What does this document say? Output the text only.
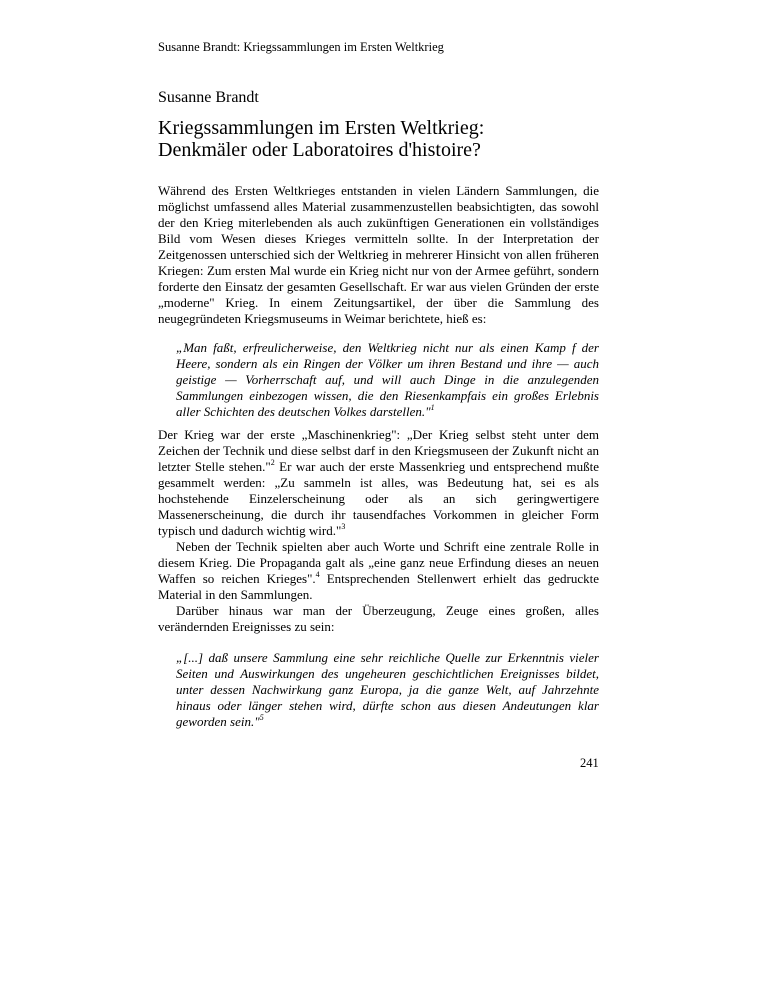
Susanne Brandt: Kriegssammlungen im Ersten Weltkrieg
Susanne Brandt
Kriegssammlungen im Ersten Weltkrieg:
Denkmäler oder Laboratoires d'histoire?
Während des Ersten Weltkrieges entstanden in vielen Ländern Sammlungen, die
möglichst umfassend alles Material zusammenzustellen beabsichtigten, das sowohl
der den Krieg miterlebenden als auch zukünftigen Generationen ein vollständiges
Bild vom Wesen dieses Krieges vermitteln sollte. In der Interpretation der
Zeitgenossen unterschied sich der Weltkrieg in mehrerer Hinsicht von allen früheren
Kriegen: Zum ersten Mal wurde ein Krieg nicht nur von der Armee geführt, sondern
forderte den Einsatz der gesamten Gesellschaft. Er war aus vielen Gründen der erste
„moderne" Krieg. In einem Zeitungsartikel, der über die Sammlung des
neugegründeten Kriegsmuseums in Weimar berichtete, hieß es:
„Man faßt, erfreulicherweise, den Weltkrieg nicht nur als einen Kamp f der
Heere, sondern als ein Ringen der Völker um ihren Bestand und ihre — auch
geistige — Vorherrschaft auf, und will auch Dinge in die anzulegenden
Sammlungen einbezogen wissen, die den Riesenkampfais ein großes Erlebnis
aller Schichten des deutschen Volkes darstellen."$^1$
Der Krieg war der erste „Maschinenkrieg": „Der Krieg selbst steht unter dem
Zeichen der Technik und diese selbst darf in den Kriegsmuseen der Zukunft nicht an
letzter Stelle stehen."$^2$ Er war auch der erste Massenkrieg und entsprechend mußte
gesammelt werden: „Zu sammeln ist alles, was Bedeutung hat, sei es als
hochstehende Einzelerscheinung oder als an sich geringwertigere
Massenerscheinung, die durch ihr tausendfaches Vorkommen in gleicher Form
typisch und dadurch wichtig wird."$^3$
Neben der Technik spielten aber auch Worte und Schrift eine zentrale Rolle in
diesem Krieg. Die Propaganda galt als „eine ganz neue Erfindung dieses an neuen
Waffen so reichen Krieges".$^4$ Entsprechenden Stellenwert erhielt das gedruckte
Material in den Sammlungen.
Darüber hinaus war man der Überzeugung, Zeuge eines großen, alles
verändernden Ereignisses zu sein:
„[...] daß unsere Sammlung eine sehr reichliche Quelle zur Erkenntnis vieler
Seiten und Auswirkungen des ungeheuren geschichtlichen Ereignisses bildet,
unter dessen Nachwirkung ganz Europa, ja die ganze Welt, auf Jahrzehnte
hinaus oder länger stehen wird, dürfte schon aus diesen Andeutungen klar
geworden sein."$^5$
241
